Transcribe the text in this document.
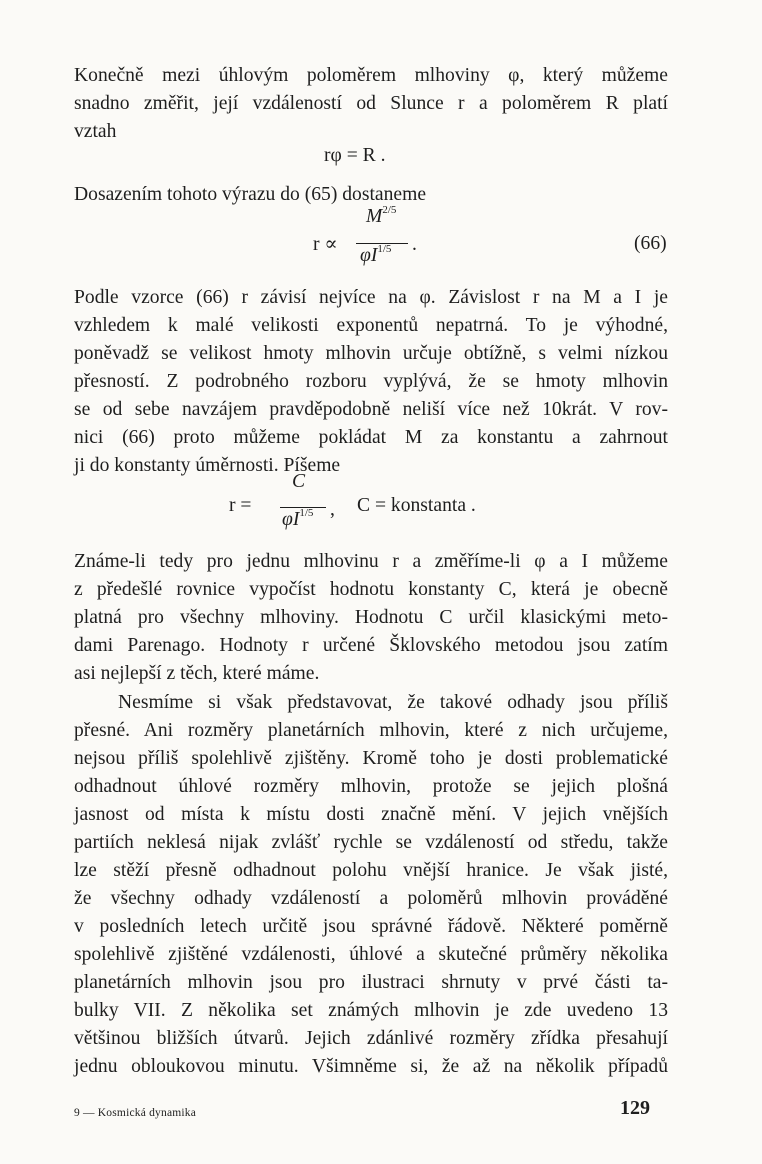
Konečně mezi úhlovým poloměrem mlhoviny φ, který můžeme
snadno změřit, její vzdáleností od Slunce r a poloměrem R platí
vztah
rφ = R .
Dosazením tohoto výrazu do (65) dostaneme
r ∝
$M^{2/5}$
$\varphi I^{1/5}$ .	(66)
Podle vzorce (66) r závisí nejvíce na φ. Závislost r na M a I je
vzhledem k malé velikosti exponentů nepatrná. To je výhodné,
poněvadž se velikost hmoty mlhovin určuje obtížně, s velmi nízkou
přesností. Z podrobného rozboru vyplývá, že se hmoty mlhovin
se od sebe navzájem pravděpodobně neliší více než 10krát. V rov-
nici (66) proto můžeme pokládat M za konstantu a zahrnout
ji do konstanty úměrnosti. Píšeme
r =
C
$\varphi I^{1/5}$ , C = konstanta .
Známe-li tedy pro jednu mlhovinu r a změříme-li φ a I můžeme
z předešlé rovnice vypočíst hodnotu konstanty C, která je obecně
platná pro všechny mlhoviny. Hodnotu C určil klasickými meto-
dami Parenago. Hodnoty r určené Šklovského metodou jsou zatím
asi nejlepší z těch, které máme.
Nesmíme si však představovat, že takové odhady jsou příliš
přesné. Ani rozměry planetárních mlhovin, které z nich určujeme,
nejsou příliš spolehlivě zjištěny. Kromě toho je dosti problematické
odhadnout úhlové rozměry mlhovin, protože se jejich plošná
jasnost od místa k místu dosti značně mění. V jejich vnějších
partiích neklesá nijak zvlášť rychle se vzdáleností od středu, takže
lze stěží přesně odhadnout polohu vnější hranice. Je však jisté,
že všechny odhady vzdáleností a poloměrů mlhovin prováděné
v posledních letech určitě jsou správné řádově. Některé poměrně
spolehlivě zjištěné vzdálenosti, úhlové a skutečné průměry několika
planetárních mlhovin jsou pro ilustraci shrnuty v prvé části ta-
bulky VII. Z několika set známých mlhovin je zde uvedeno 13
většinou bližších útvarů. Jejich zdánlivé rozměry zřídka přesahují
jednu obloukovou minutu. Všimněme si, že až na několik případů
9 — Kosmická dynamika	129
